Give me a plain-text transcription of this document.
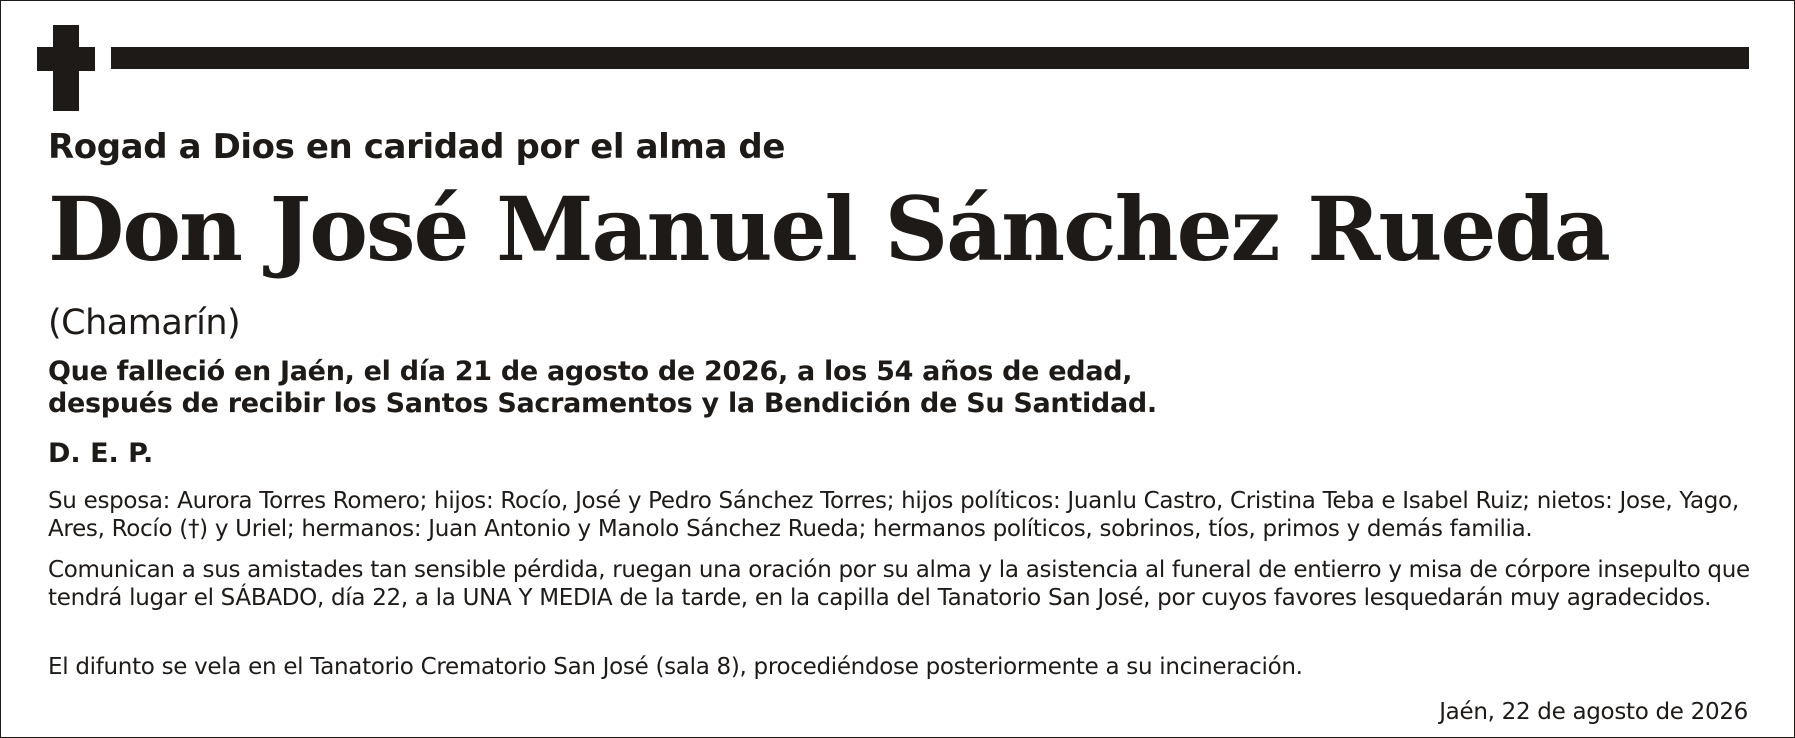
Rogad a Dios en caridad por el alma de
Don José Manuel Sánchez Rueda
(Chamarín)
Que falleció en Jaén, el día 21 de agosto de 2026, a los 54 años de edad,
después de recibir los Santos Sacramentos y la Bendición de Su Santidad.
D. E. P.
Su esposa: Aurora Torres Romero; hijos: Rocío, José y Pedro Sánchez Torres; hijos políticos: Juanlu Castro, Cristina Teba e Isabel Ruiz; nietos: Jose, Yago, Ares, Rocío (†) y Uriel; hermanos: Juan Antonio y Manolo Sánchez Rueda; hermanos políticos, sobrinos, tíos, primos y demás familia.
Comunican a sus amistades tan sensible pérdida, ruegan una oración por su alma y la asistencia al funeral de entierro y misa de córpore insepulto que tendrá lugar el SÁBADO, día 22, a la UNA Y MEDIA de la tarde, en la capilla del Tanatorio San José, por cuyos favores lesquedarán muy agradecidos.
El difunto se vela en el Tanatorio Crematorio San José (sala 8), procediéndose posteriormente a su incineración.
Jaén, 22 de agosto de 2026
